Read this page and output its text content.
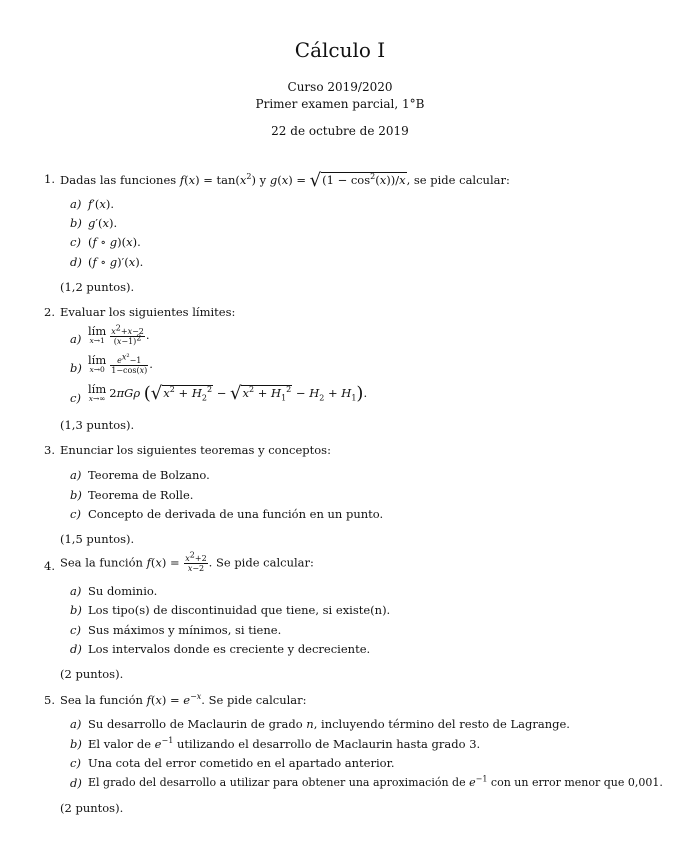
Cálculo I
Curso 2019/2020
Primer examen parcial, 1°B
22 de octubre de 2019
1. Dadas las funciones $f(x) = \tan(x^2)$ y $g(x) = √(1 - \cos^2(x))/x$, se pide calcular:
a) f′(x).
b) g′(x).
c) (f ∘ g)(x).
d) (f ∘ g)′(x).
(1,2 puntos).
2. Evaluar los siguientes límites:
a)
lím
$x\to 1 \frac{x^2+x-2}{(x-1)^2}$ .
b)
lím
$x\to 0 \frac{e^{x^2}-1}{1-\cos(x)}$ .
c)
lím
x→∞ 2πGρ $(√x^2 + H_2^2 - √x^2 + H_1^2 - H_2 + H_1)$.
(1,3 puntos).
3. Enunciar los siguientes teoremas y conceptos:
a) Teorema de Bolzano.
b) Teorema de Rolle.
c) Concepto de derivada de una función en un punto.
(1,5 puntos).
4. Sea la función $f(x) = \frac{x^2+2}{x-2}$ . Se pide calcular:
a) Su dominio.
b) Los tipo(s) de discontinuidad que tiene, si existe(n).
c) Sus máximos y mínimos, si tiene.
d) Los intervalos donde es creciente y decreciente.
(2 puntos).
5. Sea la función $f(x) = e^{-x}$. Se pide calcular:
a) Su desarrollo de Maclaurin de grado n, incluyendo término del resto de Lagrange.
b) El valor de $e^{-1}$ utilizando el desarrollo de Maclaurin hasta grado 3.
c) Una cota del error cometido en el apartado anterior.
d) El grado del desarrollo a utilizar para obtener una aproximación de $e^{-1}$ con un error menor que 0,001.
(2 puntos).
